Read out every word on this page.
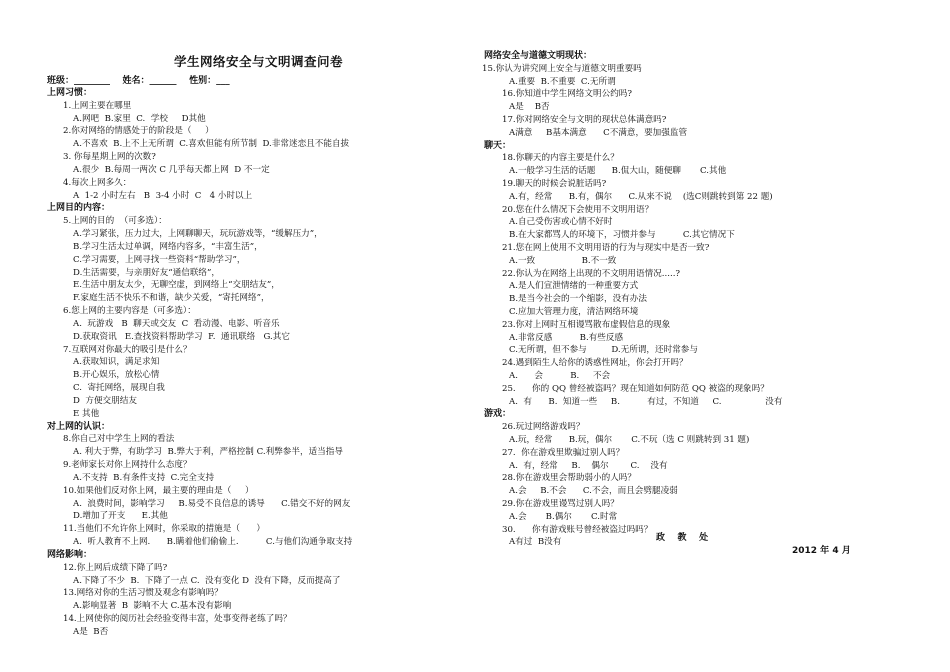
学生网络安全与文明调查问卷
班级：________    姓名：______    性别：___
上网习惯：
1.上网主要在哪里
A.网吧  B.家里  C.  学校     D其他
2.你对网络的情感处于的阶段是（     ）
A.不喜欢  B.上不上无所谓  C.喜欢但能有所节制  D.非常迷恋且不能自拔
3. 你每星期上网的次数?
A.很少  B.每周一两次 C 几乎每天都上网  D 不一定
4.每次上网多久：
A  1-2 小时左右   B  3-4 小时  C   4 小时以上
上网目的内容：
5.上网的目的  （可多选）：
A.学习紧张，压力过大，上网聊聊天，玩玩游戏等，“缓解压力”，
B.学习生活太过单调，网络内容多，“丰富生活”，
C.学习需要，上网寻找一些资料“帮助学习”，
D.生活需要，与亲朋好友“通信联络”，
E.生活中朋友太少，无聊空虚，到网络上“交朋结友”，
F.家庭生活不快乐不和谐，缺少关爱，“寄托网络”，
6.您上网的主要内容是（可多选）：
A.  玩游戏   B  聊天或交友  C  看动漫、电影、听音乐
D.获取资讯   E.查找资料帮助学习  F.  通讯联络   G.其它
7.互联网对你最大的吸引是什么？
A.获取知识，满足求知
B.开心娱乐，放松心情
C.  寄托网络，展现自我
D  方便交朋结友
E 其他
对上网的认识：
8.你自己对中学生上网的看法
A. 利大于弊，有助学习  B.弊大于利，严格控制 C.利弊参半，适当指导
9.老师家长对你上网持什么态度？
A.不支持  B.有条件支持  C.完全支持
10.如果他们反对你上网，最主要的理由是（     ）
A.  浪费时间，影响学习     B.易受不良信息的诱导      C.错交不好的网友
D.增加了开支      E.其他
11.当他们不允许你上网时，你采取的措施是（      ）
A.  听人教育不上网.      B.瞒着他们偷偷上.          C.与他们沟通争取支持
网络影响：
12.你上网后成绩下降了吗?
A.下降了不少  B.  下降了一点 C.  没有变化 D  没有下降，反而提高了
13.网络对你的生活习惯及观念有影响吗？
A.影响显著  B  影响不大 C.基本没有影响
14.上网使你的阅历社会经验变得丰富，处事变得老练了吗？
A是  B否
网络安全与道德文明现状：
15.你认为讲究网上安全与道德文明重要吗
A.重要  B.不重要  C.无所谓
16.你知道中学生网络文明公约吗?
A是    B否
17.你对网络安全与文明的现状总体满意吗?
A满意     B基本满意      C不满意，要加强监管
聊天：
18.你聊天的内容主要是什么？
A.一般学习生活的话题      B.侃大山，随便聊       C.其他
19.聊天的时候会说脏话吗?
A.有，经常      B.有，偶尔      C.从来不说    (选C则跳转到第 22 题)
20.您在什么情况下会使用不文明用语？
A.自己受伤害或心情不好时
B.在大家都骂人的环境下，习惯并参与          C.其它情况下
21.您在网上使用不文明用语的行为与现实中是否一致?
A.一致                 B.不一致
22.你认为在网络上出现的不文明用语情况.....?
A.是人们宣泄情绪的一种重要方式
B.是当今社会的一个缩影，没有办法
C.应加大管理力度，清洁网络环境
23.你对上网时互相谩骂散布虚假信息的现象
A.非常反感          B.有些反感
C.无所谓，但不参与         D.无所谓，还时常参与
24.遇到陌生人给你的诱惑性网址，你会打开吗？
A.      会          B.     不会
25.      你的 QQ 曾经被盗吗？现在知道如何防范 QQ 被盗的现象吗？
A.  有      B.  知道一些     B.          有过，不知道     C.                没有
游戏：
26.玩过网络游戏吗？
A.玩，经常      B.玩，偶尔       C.不玩（选 C 则跳转到 31 题)
27.  你在游戏里欺骗过别人吗？
A.  有，经常     B.    偶尔        C.    没有
28.你在游戏里会帮助弱小的人吗？
A.会     B.不会      C.不会，而且会劈腿凌弱
29.你在游戏里谩骂过别人吗？
A.会       B.偶尔       C.时常
30.      你有游戏账号曾经被盗过吗吗？
A有过  B没有	政    教    处
2012 年 4 月
